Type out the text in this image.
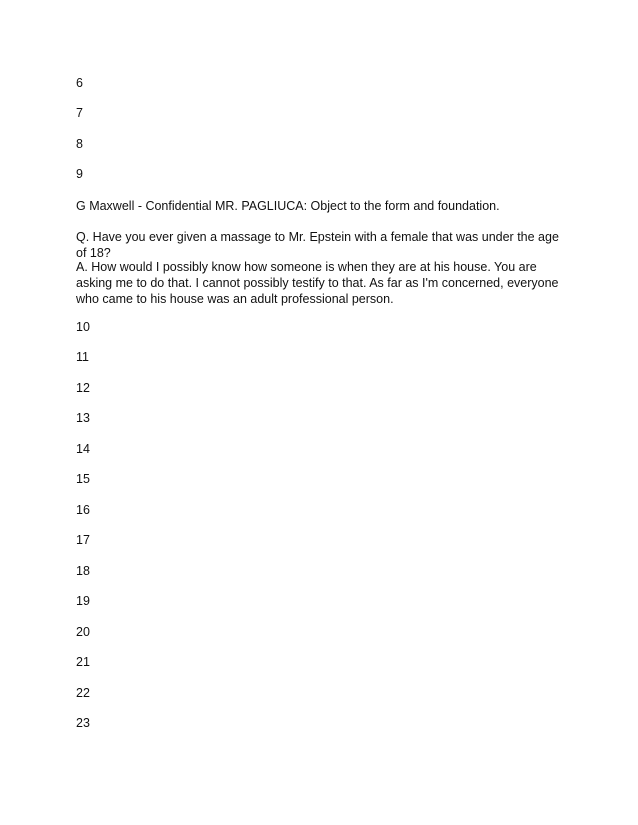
6
7
8
9
G Maxwell - Confidential MR. PAGLIUCA: Object to the form and foundation.
Q. Have you ever given a massage to Mr. Epstein with a female that was under the age of 18?
A. How would I possibly know how someone is when they are at his house. You are asking me to do that. I cannot possibly testify to that. As far as I'm concerned, everyone who came to his house was an adult professional person.
10
11
12
13
14
15
16
17
18
19
20
21
22
23
